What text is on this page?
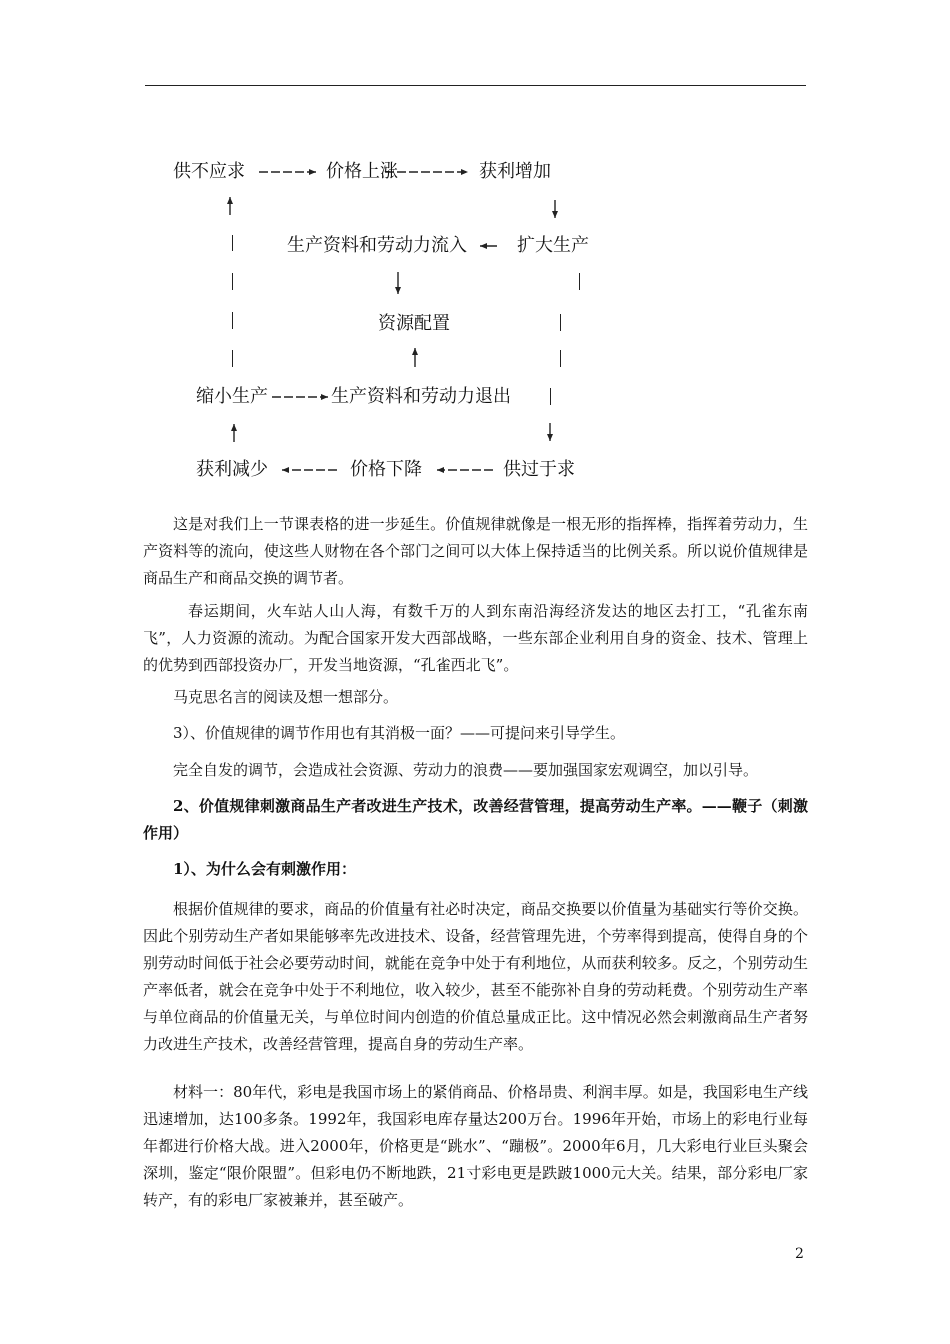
供不应求	价格上涨	获利增加
生产资料和劳动力流入	扩大生产
资源配置
缩小生产	生产资料和劳动力退出
获利减少	价格下降	供过于求

这是对我们上一节课表格的进一步延生。价值规律就像是一根无形的指挥棒，指挥着劳动力，生产资料等的流向，使这些人财物在各个部门之间可以大体上保持适当的比例关系。所以说价值规律是商品生产和商品交换的调节者。

春运期间，火车站人山人海，有数千万的人到东南沿海经济发达的地区去打工，“孔雀东南飞”，人力资源的流动。为配合国家开发大西部战略，一些东部企业利用自身的资金、技术、管理上的优势到西部投资办厂，开发当地资源，“孔雀西北飞”。

马克思名言的阅读及想一想部分。

3）、价值规律的调节作用也有其消极一面？——可提问来引导学生。

完全自发的调节，会造成社会资源、劳动力的浪费——要加强国家宏观调空，加以引导。

2、价值规律刺激商品生产者改进生产技术，改善经营管理，提高劳动生产率。——鞭子（刺激作用）

1）、为什么会有刺激作用：

根据价值规律的要求，商品的价值量有社必时决定，商品交换要以价值量为基础实行等价交换。因此个别劳动生产者如果能够率先改进技术、设备，经营管理先进，个劳率得到提高，使得自身的个别劳动时间低于社会必要劳动时间，就能在竞争中处于有利地位，从而获利较多。反之，个别劳动生产率低者，就会在竞争中处于不利地位，收入较少，甚至不能弥补自身的劳动耗费。个别劳动生产率与单位商品的价值量无关，与单位时间内创造的价值总量成正比。这中情况必然会刺激商品生产者努力改进生产技术，改善经营管理，提高自身的劳动生产率。

材料一：80年代，彩电是我国市场上的紧俏商品、价格昂贵、利润丰厚。如是，我国彩电生产线迅速增加，达100多条。1992年，我国彩电库存量达200万台。1996年开始，市场上的彩电行业每年都进行价格大战。进入2000年，价格更是“跳水”、“蹦极”。2000年6月，几大彩电行业巨头聚会深圳，鉴定“限价限盟”。但彩电仍不断地跌，21寸彩电更是跌跛1000元大关。结果，部分彩电厂家转产，有的彩电厂家被兼并，甚至破产。

2
